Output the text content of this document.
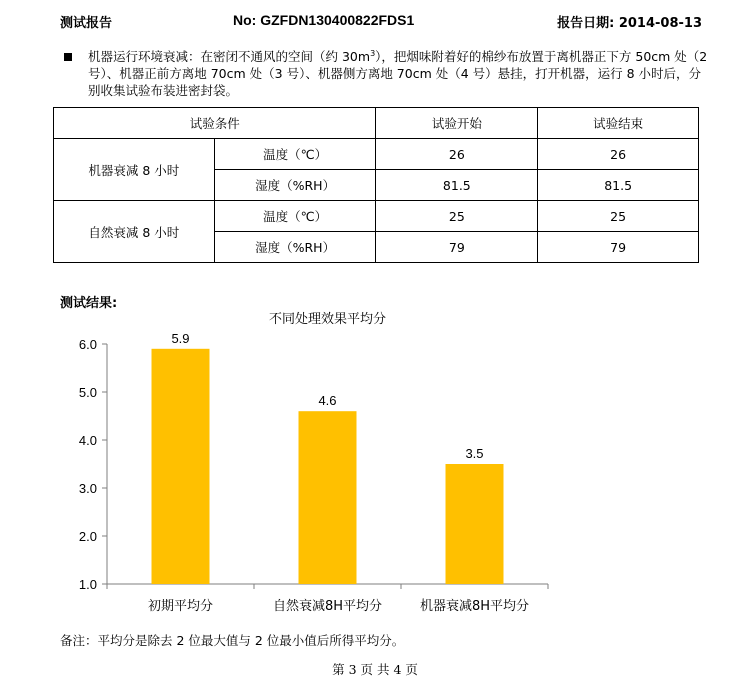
测试报告	No: GZFDN130400822FDS1	报告日期: 2014-08-13
机器运行环境衰减：在密闭不通风的空间（约 $30m^3$），把烟味附着好的棉纱布放置于离机器正下方 50cm 处（2 号）、机器正前方离地 70cm 处（3 号）、机器侧方离地 70cm 处（4 号）悬挂，打开机器，运行 8 小时后，分别收集试验布装进密封袋。
试验条件		试验开始	试验结束
机器衰减 8 小时	温度（℃）	26	26
	湿度（%RH）	81.5	81.5
自然衰减 8 小时	温度（℃）	25	25
	湿度（%RH）	79	79
测试结果:
不同处理效果平均分
1.0
2.0
3.0
4.0
5.0
6.0	5.9
初期平均分
4.6
自然衰减8H平均分
3.5
机器衰减8H平均分
备注：平均分是除去 2 位最大值与 2 位最小值后所得平均分。
第 3 页 共 4 页
